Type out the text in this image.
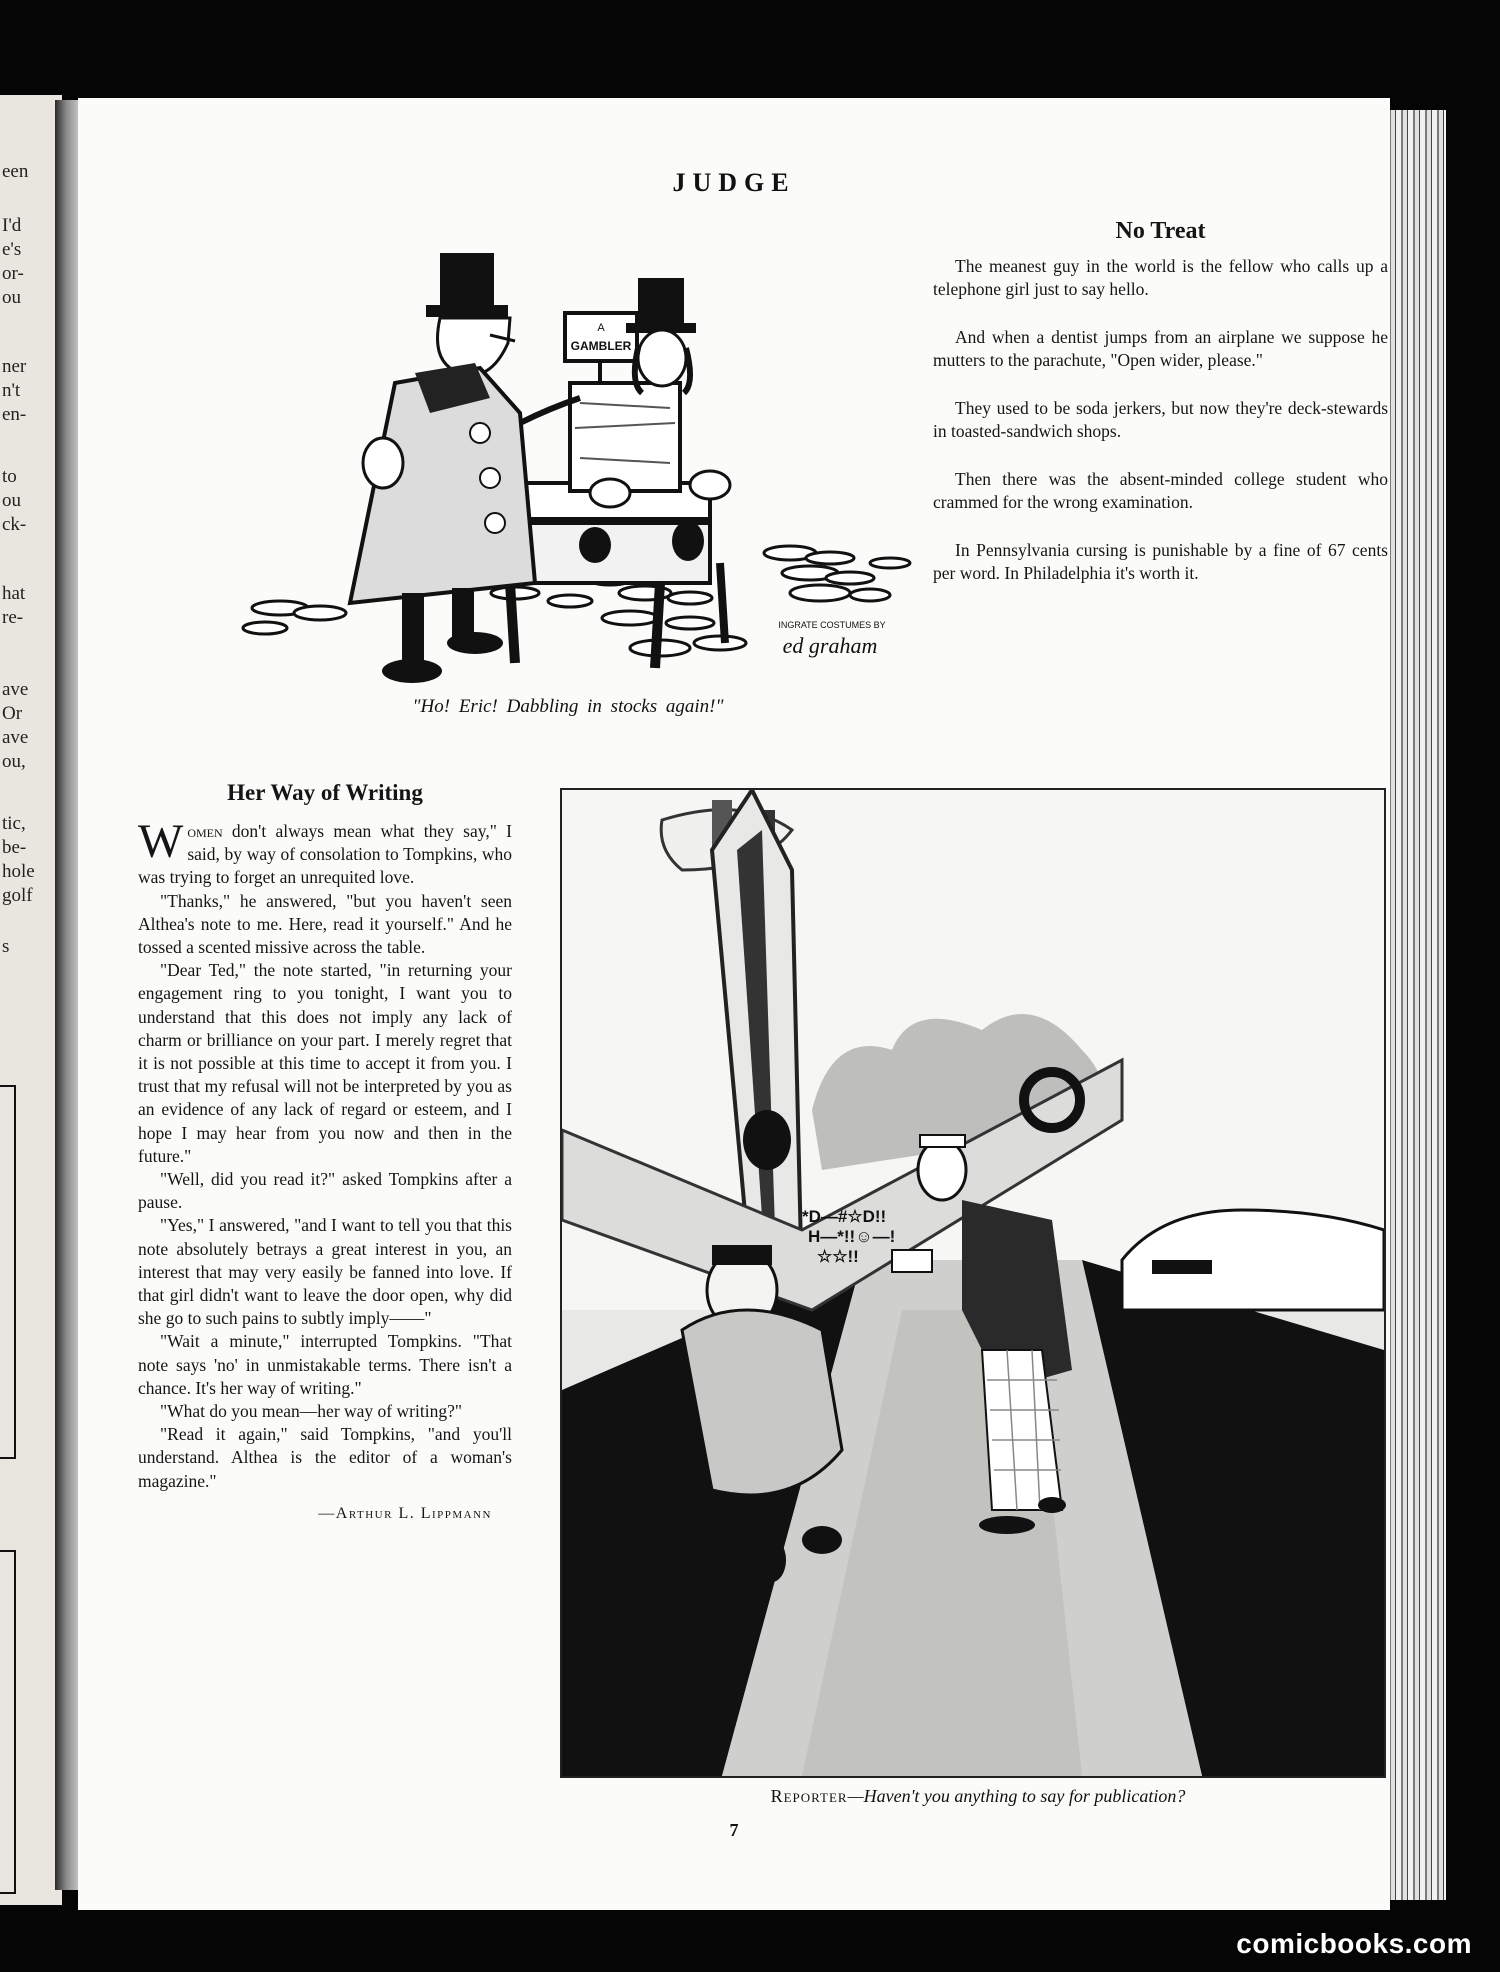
een
I'd
e's
or-
ou
ner
n't
en-
to
ou
ck-
hat
re-
ave
Or
ave
ou,
tic,
be-
hole
golf
s
JUDGE
A
GAMBLER
INGRATE COSTUMES BY
ed graham
"Ho! Eric! Dabbling in stocks again!"
No Treat

The meanest guy in the world is the fellow who calls up a telephone girl just to say hello.

And when a dentist jumps from an airplane we suppose he mutters to the parachute, "Open wider, please."

They used to be soda jerkers, but now they're deck-stewards in toasted-sandwich shops.

Then there was the absent-minded college student who crammed for the wrong examination.

In Pennsylvania cursing is punishable by a fine of 67 cents per word. In Philadelphia it's worth it.

Her Way of Writing

Women don't always mean what they say," I said, by way of consolation to Tompkins, who was trying to forget an unrequited love.

"Thanks," he answered, "but you haven't seen Althea's note to me. Here, read it yourself." And he tossed a scented missive across the table.

"Dear Ted," the note started, "in returning your engagement ring to you tonight, I want you to understand that this does not imply any lack of charm or brilliance on your part. I merely regret that it is not possible at this time to accept it from you. I trust that my refusal will not be interpreted by you as an evidence of any lack of regard or esteem, and I hope I may hear from you now and then in the future."

"Well, did you read it?" asked Tompkins after a pause.

"Yes," I answered, "and I want to tell you that this note absolutely betrays a great interest in you, an interest that may very easily be fanned into love. If that girl didn't want to leave the door open, why did she go to such pains to subtly imply——"

"Wait a minute," interrupted Tompkins. "That note says 'no' in unmistakable terms. There isn't a chance. It's her way of writing."

"What do you mean—her way of writing?"

"Read it again," said Tompkins, "and you'll understand. Althea is the editor of a woman's magazine."

—Arthur L. Lippmann
*D—#☆D!!
H—*!!☺—!
☆☆!!
JOSEPH MORAN
Reporter—Haven't you anything to say for publication?
7
comicbooks.com
